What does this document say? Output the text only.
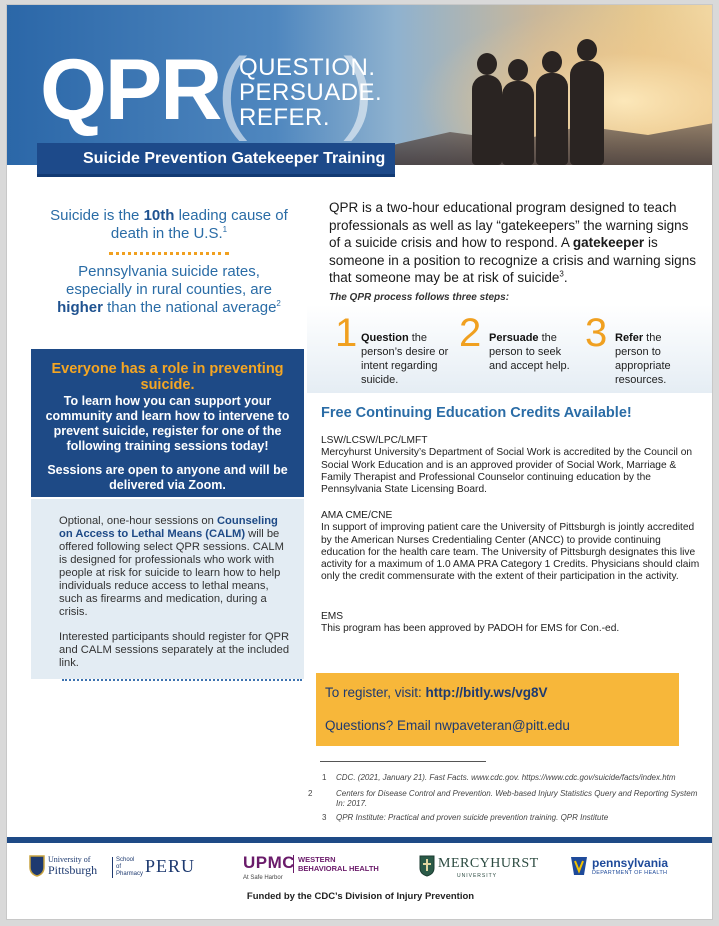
QPR
(
QUESTION.
PERSUADE.
REFER. )
Suicide Prevention Gatekeeper Training
Suicide is the 10th leading cause of death in the U.S.$^1$
Pennsylvania suicide rates, especially in rural counties, are higher than the national average$^2$
Everyone has a role in preventing suicide.
To learn how you can support your community and learn how to intervene to prevent suicide, register for one of the following training sessions today!
Sessions are open to anyone and will be delivered via Zoom.
Optional, one-hour sessions on Counseling on Access to Lethal Means (CALM) will be offered following select QPR sessions. CALM is designed for professionals who work with people at risk for suicide to learn how to help individuals reduce access to lethal means, such as firearms and medication, during a crisis.
Interested participants should register for QPR and CALM sessions separately at the included link.
QPR is a two-hour educational program designed to teach professionals as well as lay “gatekeepers” the warning signs of a suicide crisis and how to respond. A gatekeeper is someone in a position to recognize a crisis and warning signs that someone may be at risk of suicide$^3$.
The QPR process follows three steps:
1 Question the person’s desire or intent regarding suicide.
2 Persuade the person to seek and accept help.
3 Refer the person to appropriate resources.
Free Continuing Education Credits Available!
LSW/LCSW/LPC/LMFT
Mercyhurst University’s Department of Social Work is accredited by the Council on Social Work Education and is an approved provider of Social Work, Marriage & Family Therapist and Professional Counselor continuing education by the Pennsylvania State Licensing Board.
AMA CME/CNE
In support of improving patient care the University of Pittsburgh is jointly accredited by the American Nurses Credentialing Center (ANCC) to provide continuing education for the health care team. The University of Pittsburgh designates this live activity for a maximum of 1.0 AMA PRA Category 1 Credits. Physicians should claim only the credit commensurate with the extent of their participation in the activity.
EMS
This program has been approved by PADOH for EMS for Con.-ed.
To register, visit: http://bitly.ws/vg8V
Questions? Email nwpaveteran@pitt.edu
1 CDC. (2021, January 21). Fast Facts. www.cdc.gov. https://www.cdc.gov/suicide/facts/index.htm
2	Centers for Disease Control and Prevention. Web-based Injury Statistics Query and Reporting System In: 2017.
3 QPR Institute: Practical and proven suicide prevention training. QPR Institute
University of
Pittsburgh
School of Pharmacy PERU	UPMC WESTERN
BEHAVIORAL HEALTH
At Safe Harbor
MERCYHURST
UNIVERSITY
pennsylvania
DEPARTMENT OF HEALTH
Funded by the CDC’s Division of Injury Prevention
